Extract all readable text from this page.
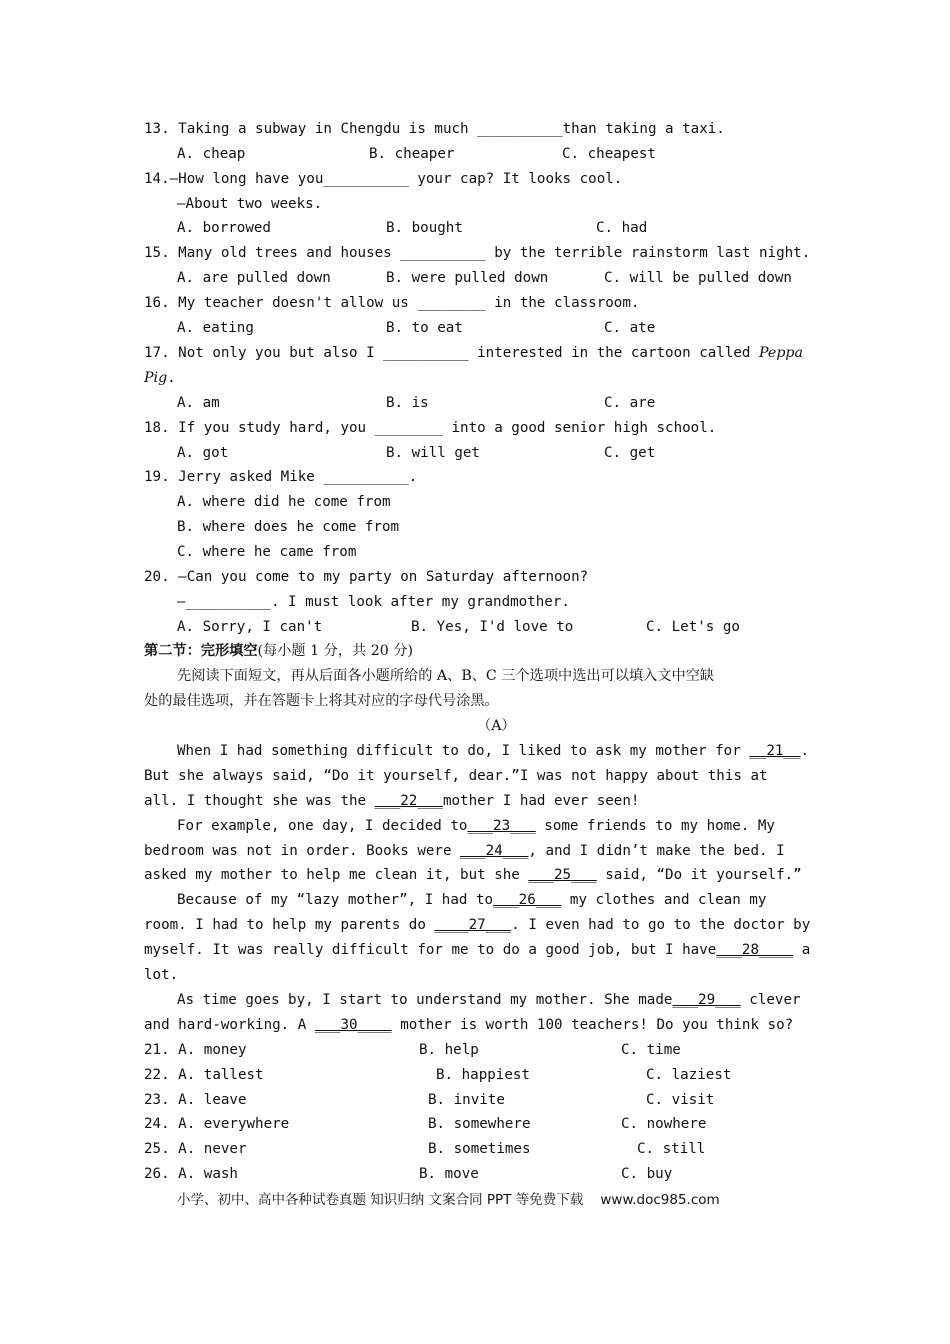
13. Taking a subway in Chengdu is much __________than taking a taxi.
A. cheap	B. cheaper	C. cheapest
14.—How long have you__________ your cap? It looks cool.
—About two weeks.
A. borrowed	B. bought	C. had
15. Many old trees and houses __________ by the terrible rainstorm last night.
A. are pulled down	B. were pulled down	C. will be pulled down
16. My teacher doesn't allow us ________ in the classroom.
A. eating	B. to eat	C. ate
17. Not only you but also I __________ interested in the cartoon called Peppa
Pig.
A. am	B. is	C. are
18. If you study hard, you ________ into a good senior high school.
A. got	B. will get	C. get
19. Jerry asked Mike __________.
A. where did he come from
B. where does he come from
C. where he came from
20. —Can you come to my party on Saturday afternoon?
—__________. I must look after my grandmother.
A. Sorry, I can't	B. Yes, I'd love to	C. Let's go
第二节：完形填空(每小题 1 分，共 20 分)
先阅读下面短文，再从后面各小题所给的 A、B、C 三个选项中选出可以填入文中空缺
处的最佳选项，并在答题卡上将其对应的字母代号涂黑。
（A）
When I had something difficult to do, I liked to ask my mother for __21__.
But she always said, “Do it yourself, dear.”I was not happy about this at
all. I thought she was the ___22___mother I had ever seen!
For example, one day, I decided to___23___ some friends to my home. My
bedroom was not in order. Books were ___24___, and I didn’t make the bed. I
asked my mother to help me clean it, but she ___25___ said, “Do it yourself.”
Because of my “lazy mother”, I had to___26___ my clothes and clean my
room. I had to help my parents do ____27___. I even had to go to the doctor by
myself. It was really difficult for me to do a good job, but I have___28____ a
lot.
As time goes by, I start to understand my mother. She made___29___ clever
and hard-working. A ___30____ mother is worth 100 teachers! Do you think so?
21. A. money	B. help	C. time
22. A. tallest	B. happiest	C. laziest
23. A. leave	B. invite	C. visit
24. A. everywhere	B. somewhere	C. nowhere
25. A. never	B. sometimes	C. still
26. A. wash	B. move	C. buy
小学、初中、高中各种试卷真题 知识归纳 文案合同 PPT 等免费下载    www.doc985.com
